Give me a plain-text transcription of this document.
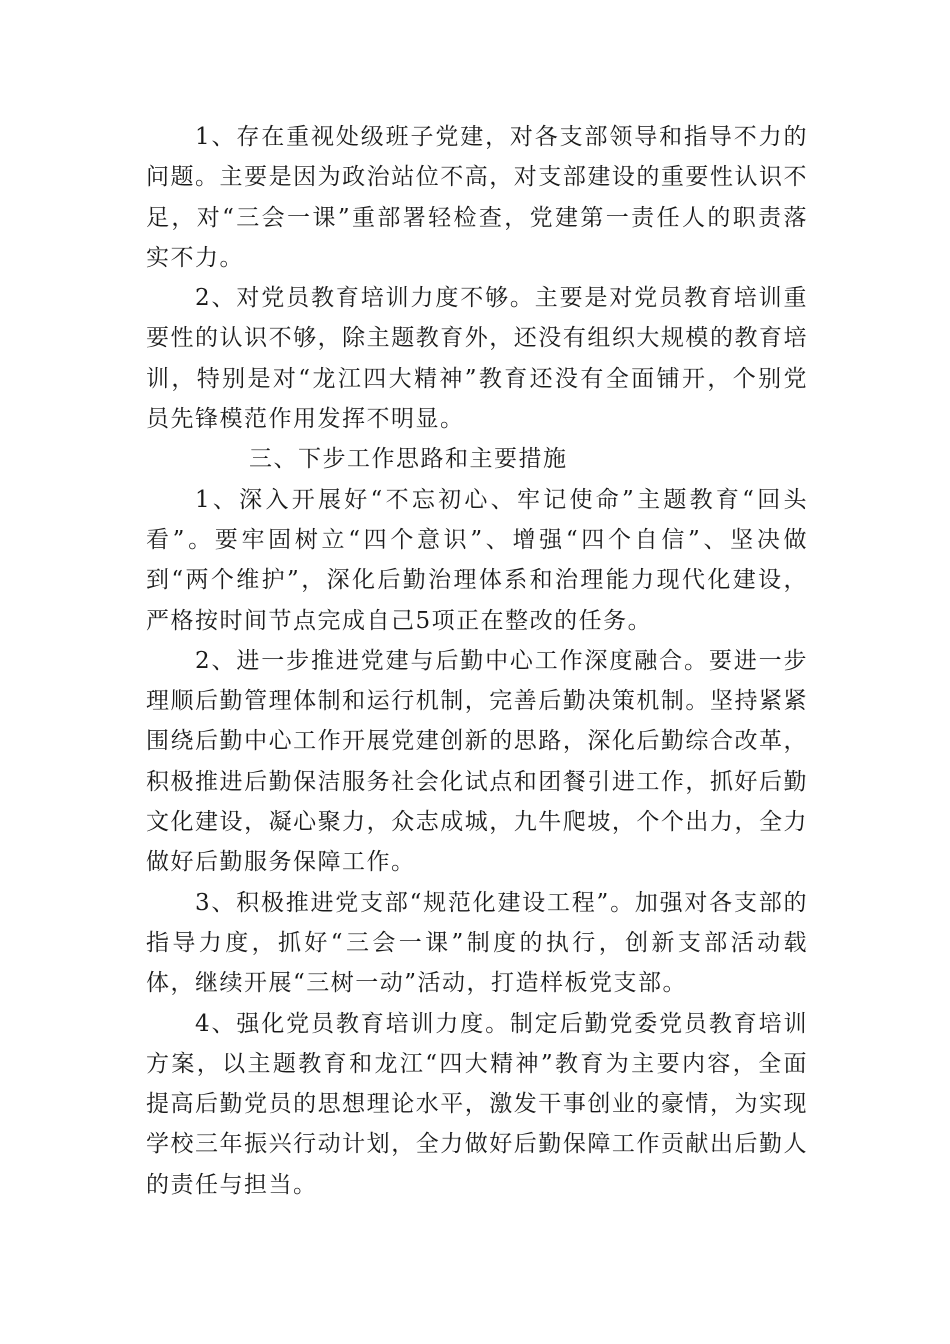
1、存在重视处级班子党建，对各支部领导和指导不力的问题。主要是因为政治站位不高，对支部建设的重要性认识不足，对“三会一课”重部署轻检查，党建第一责任人的职责落实不力。

2、对党员教育培训力度不够。主要是对党员教育培训重要性的认识不够，除主题教育外，还没有组织大规模的教育培训，特别是对“龙江四大精神”教育还没有全面铺开，个别党员先锋模范作用发挥不明显。

三、下步工作思路和主要措施

1、深入开展好“不忘初心、牢记使命”主题教育“回头看”。要牢固树立“四个意识”、增强“四个自信”、坚决做到“两个维护”，深化后勤治理体系和治理能力现代化建设，严格按时间节点完成自己5项正在整改的任务。

2、进一步推进党建与后勤中心工作深度融合。要进一步理顺后勤管理体制和运行机制，完善后勤决策机制。坚持紧紧围绕后勤中心工作开展党建创新的思路，深化后勤综合改革，积极推进后勤保洁服务社会化试点和团餐引进工作，抓好后勤文化建设，凝心聚力，众志成城，九牛爬坡，个个出力，全力做好后勤服务保障工作。

3、积极推进党支部“规范化建设工程”。加强对各支部的指导力度，抓好“三会一课”制度的执行，创新支部活动载体，继续开展“三树一动”活动，打造样板党支部。

4、强化党员教育培训力度。制定后勤党委党员教育培训方案，以主题教育和龙江“四大精神”教育为主要内容，全面提高后勤党员的思想理论水平，激发干事创业的豪情，为实现学校三年振兴行动计划，全力做好后勤保障工作贡献出后勤人的责任与担当。
